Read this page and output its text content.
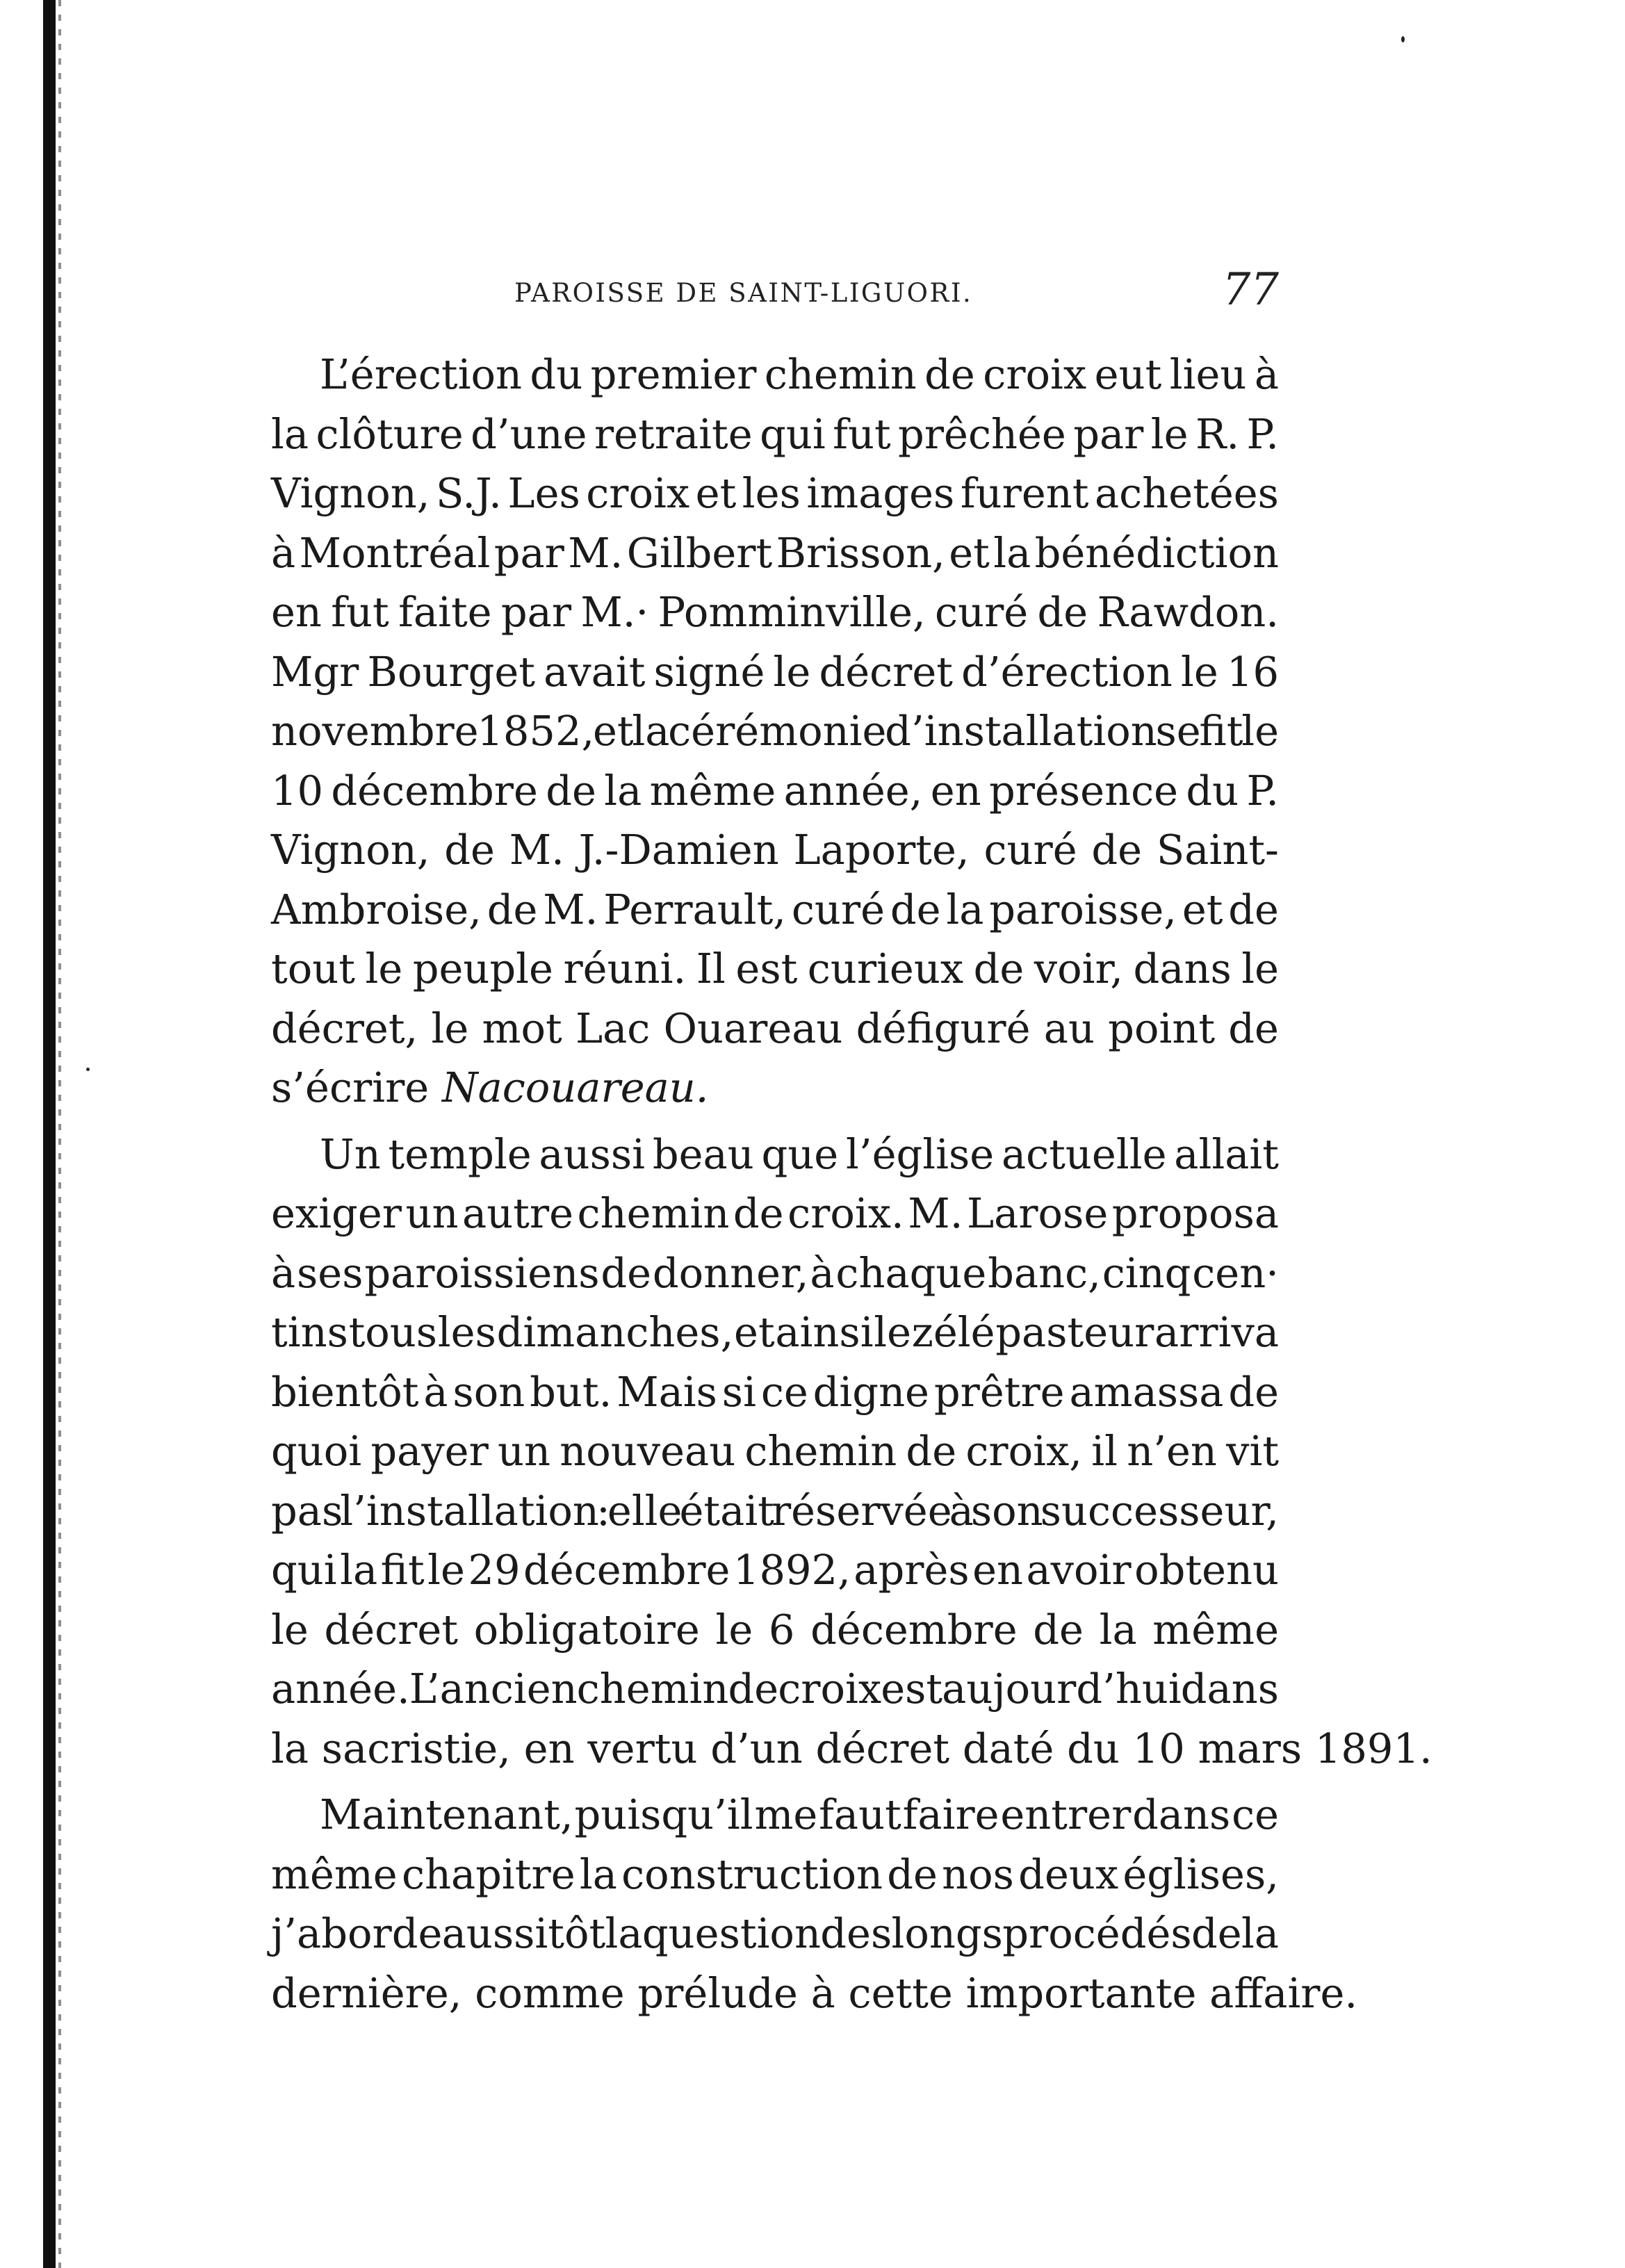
PAROISSE DE SAINT-LIGUORI.	77
L’érection du premier chemin de croix eut lieu à
la clôture d’une retraite qui fut prêchée par le R. P.
Vignon, S.J. Les croix et les images furent achetées
à Montréal par M. Gilbert Brisson, et la bénédiction
en fut faite par M.· Pomminville, curé de Rawdon.
Mgr Bourget avait signé le décret d’érection le 16
novembre 1852, et la cérémonie d’installation se fit le
10 décembre de la même année, en présence du P.
Vignon, de M. J.-Damien Laporte, curé de Saint-
Ambroise, de M. Perrault, curé de la paroisse, et de
tout le peuple réuni. Il est curieux de voir, dans le
décret, le mot Lac Ouareau défiguré au point de
s’écrire Nacouareau.
Un temple aussi beau que l’église actuelle allait
exiger un autre chemin de croix. M. Larose proposa
à ses paroissiens de donner, à chaque banc, cinq cen·
tins tous les dimanches, et ainsi le zélé pasteur arriva
bientôt à son but. Mais si ce digne prêtre amassa de
quoi payer un nouveau chemin de croix, il n’en vit
pas l’installation : elle était réservée à son successeur,
qui la fit le 29 décembre 1892, après en avoir obtenu
le décret obligatoire le 6 décembre de la même
année. L’ancien chemin de croix est aujourd’hui dans
la sacristie, en vertu d’un décret daté du 10 mars 1891.
Maintenant, puisqu’il me faut faire entrer dans ce
même chapitre la construction de nos deux églises,
j’aborde aussitôt la question des longs procédés de la
dernière, comme prélude à cette importante affaire.
